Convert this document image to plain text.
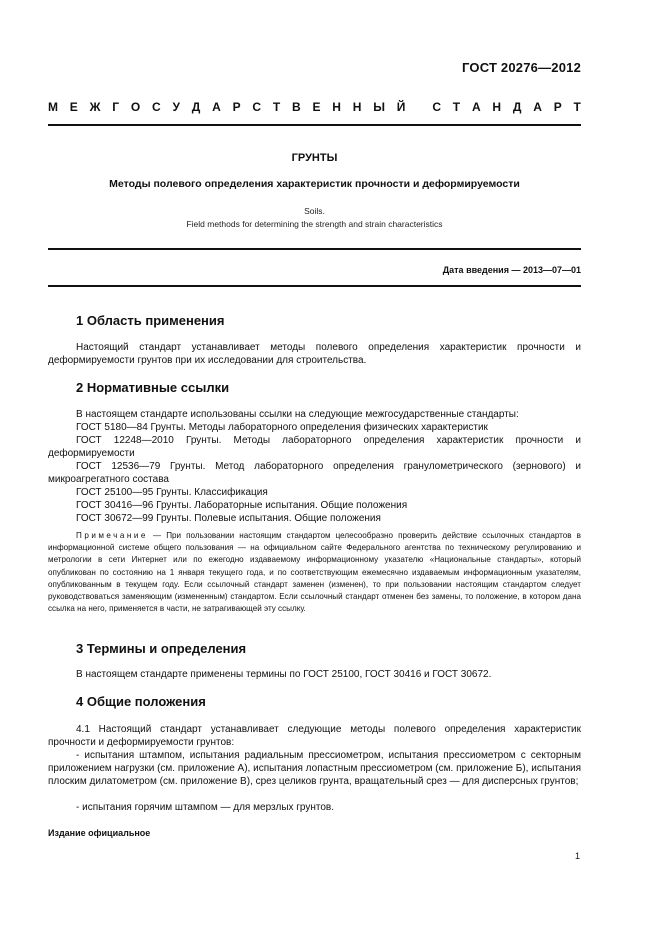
ГОСТ 20276—2012
М Е Ж Г О С У Д А Р С Т В Е Н Н Ы Й
С Т А Н Д А Р Т
ГРУНТЫ
Методы полевого определения характеристик прочности и деформируемости
Soils.
Field methods for determining the strength and strain characteristics
Дата введения — 2013—07—01
1 Область применения
Настоящий стандарт устанавливает методы полевого определения характеристик прочности и деформируемости грунтов при их исследовании для строительства.
2 Нормативные ссылки
В настоящем стандарте использованы ссылки на следующие межгосударственные стандарты:
ГОСТ 5180—84 Грунты. Методы лабораторного определения физических характеристик
ГОСТ 12248—2010 Грунты. Методы лабораторного определения характеристик прочности и деформируемости
ГОСТ 12536—79 Грунты. Метод лабораторного определения гранулометрического (зернового) и микроагрегатного состава
ГОСТ 25100—95 Грунты. Классификация
ГОСТ 30416—96 Грунты. Лабораторные испытания. Общие положения
ГОСТ 30672—99 Грунты. Полевые испытания. Общие положения
Примечание — При пользовании настоящим стандартом целесообразно проверить действие ссылочных стандартов в информационной системе общего пользования — на официальном сайте Федерального агентства по техническому регулированию и метрологии в сети Интернет или по ежегодно издаваемому информационному указателю «Национальные стандарты», который опубликован по состоянию на 1 января текущего года, и по соответствующим ежемесячно издаваемым информационным указателям, опубликованным в текущем году. Если ссылочный стандарт заменен (изменен), то при пользовании настоящим стандартом следует руководствоваться заменяющим (измененным) стандартом. Если ссылочный стандарт отменен без замены, то положение, в котором дана ссылка на него, применяется в части, не затрагивающей эту ссылку.
3 Термины и определения
В настоящем стандарте применены термины по ГОСТ 25100, ГОСТ 30416 и ГОСТ 30672.
4 Общие положения
4.1 Настоящий стандарт устанавливает следующие методы полевого определения характеристик прочности и деформируемости грунтов:
- испытания штампом, испытания радиальным прессиометром, испытания прессиометром с секторным приложением нагрузки (см. приложение А), испытания лопастным прессиометром (см. приложение Б), испытания плоским дилатометром (см. приложение В), срез целиков грунта, вращательный срез — для дисперсных грунтов;
- испытания горячим штампом — для мерзлых грунтов.
Издание официальное
1
